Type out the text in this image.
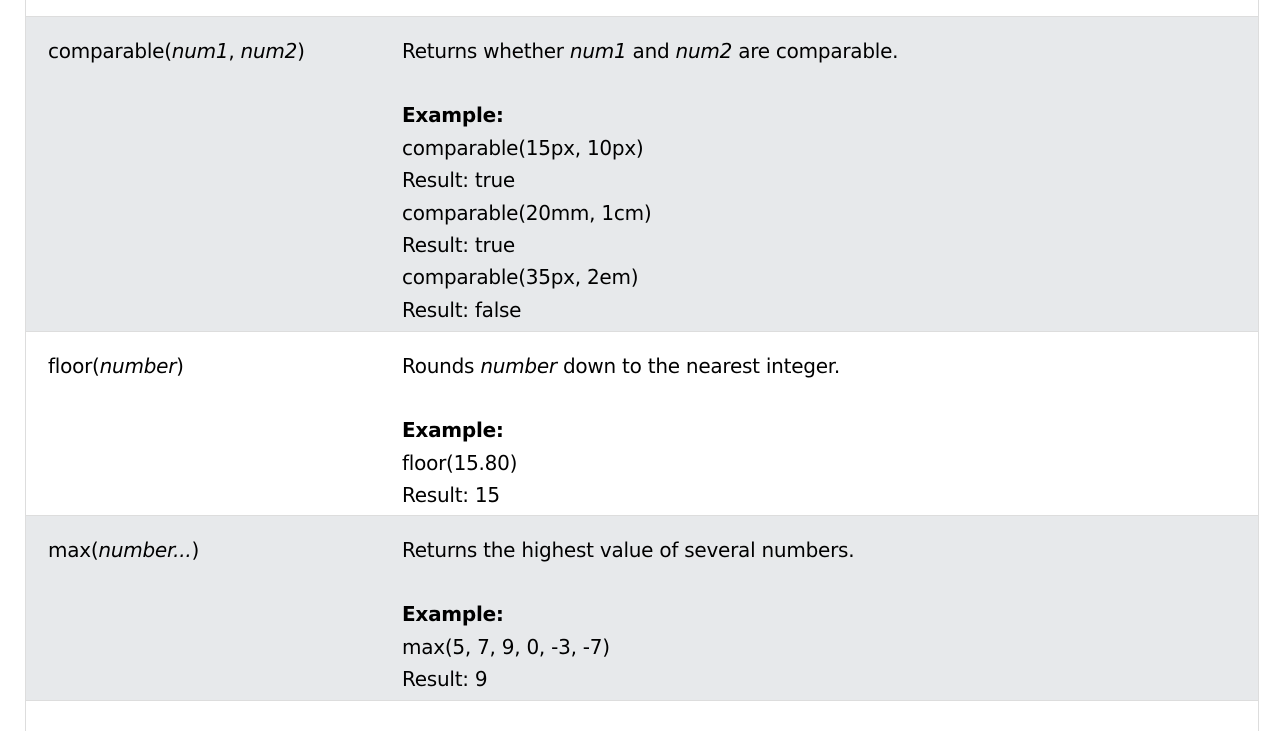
comparable(num1, num2)	Returns whether num1 and num2 are comparable.
Example:
comparable(15px, 10px)
Result: true
comparable(20mm, 1cm)
Result: true
comparable(35px, 2em)
Result: false
floor(number)	Rounds number down to the nearest integer.
Example:
floor(15.80)
Result: 15
max(number...)	Returns the highest value of several numbers.
Example:
max(5, 7, 9, 0, -3, -7)
Result: 9
